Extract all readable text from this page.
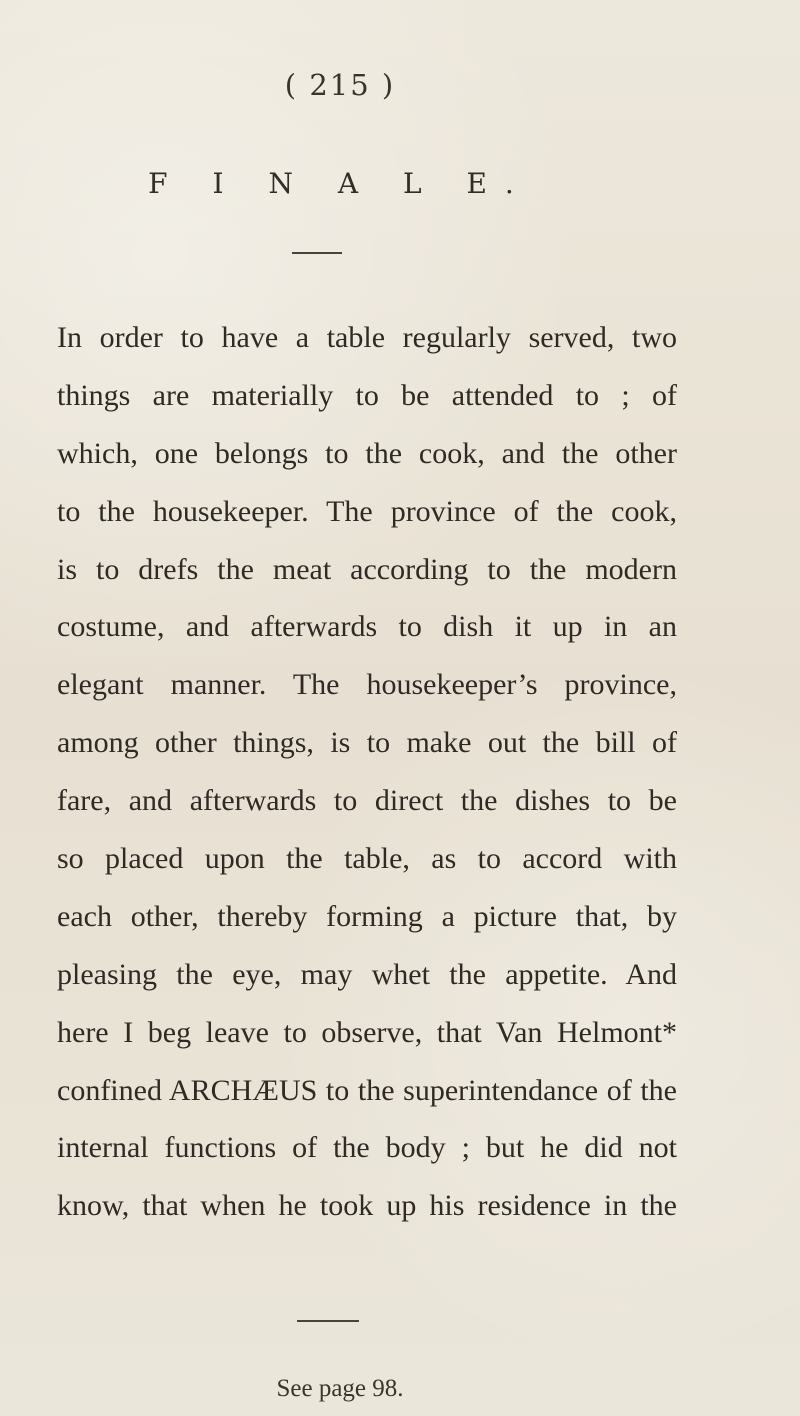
( 215 )
F I N A L E.
In order to have a table regularly served, two
things are materially to be attended to ; of
which, one belongs to the cook, and the other
to the housekeeper. The province of the cook,
is to drefs the meat according to the modern
costume, and afterwards to dish it up in an
elegant manner. The housekeeper’s province,
among other things, is to make out the bill of
fare, and afterwards to direct the dishes to be
so placed upon the table, as to accord with
each other, thereby forming a picture that, by
pleasing the eye, may whet the appetite. And
here I beg leave to observe, that Van Helmont*
confined ARCHÆUS to the superintendance of the
internal functions of the body ; but he did not
know, that when he took up his residence in the
See page 98.
